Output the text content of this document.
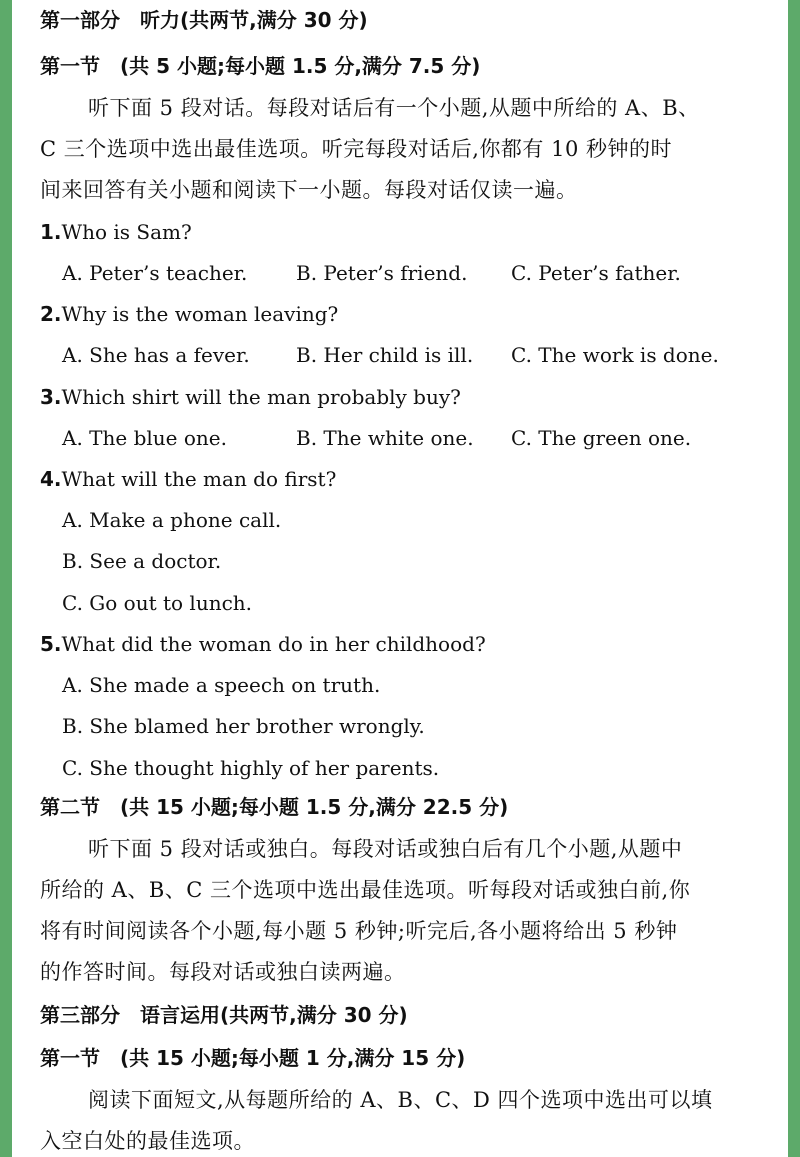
第一部分　听力(共两节,满分 30 分)
第一节　(共 5 小题;每小题 1.5 分,满分 7.5 分)
听下面 5 段对话。每段对话后有一个小题,从题中所给的 A、B、
C 三个选项中选出最佳选项。听完每段对话后,你都有 10 秒钟的时
间来回答有关小题和阅读下一小题。每段对话仅读一遍。
1.Who is Sam?
A. Peter’s teacher. B. Peter’s friend. C. Peter’s father.
2.Why is the woman leaving?
A. She has a fever. B. Her child is ill. C. The work is done.
3.Which shirt will the man probably buy?
A. The blue one.	B. The white one. C. The green one.
4.What will the man do first?
A. Make a phone call.
B. See a doctor.
C. Go out to lunch.
5.What did the woman do in her childhood?
A. She made a speech on truth.
B. She blamed her brother wrongly.
C. She thought highly of her parents.
第二节　(共 15 小题;每小题 1.5 分,满分 22.5 分)
听下面 5 段对话或独白。每段对话或独白后有几个小题,从题中
所给的 A、B、C 三个选项中选出最佳选项。听每段对话或独白前,你
将有时间阅读各个小题,每小题 5 秒钟;听完后,各小题将给出 5 秒钟
的作答时间。每段对话或独白读两遍。
第三部分　语言运用(共两节,满分 30 分)
第一节　(共 15 小题;每小题 1 分,满分 15 分)
阅读下面短文,从每题所给的 A、B、C、D 四个选项中选出可以填
入空白处的最佳选项。
